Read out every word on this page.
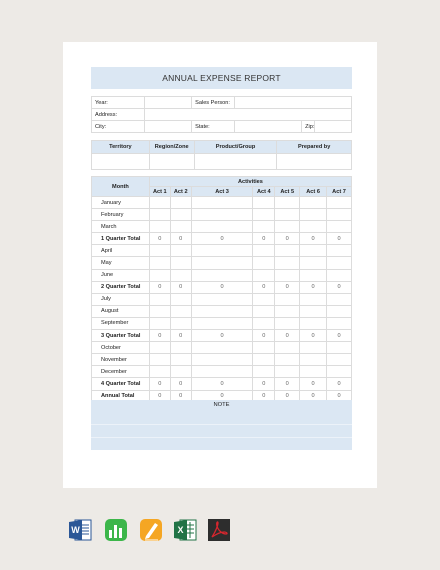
ANNUAL EXPENSE REPORT
Year:		Sales Person:			
Address:					
City:		State:		Zip:	
Territory	Region/Zone	Product/Group	Prepared by

Month	Activities						
	Act 1	Act 2	Act 3	Act 4	Act 5	Act 6	Act 7
January							
February							
March							
1 Quarter Total	0	0	0	0	0	0	0
April							
May							
June							
2 Quarter Total	0	0	0	0	0	0	0
July							
August							
September							
3 Quarter Total	0	0	0	0	0	0	0
October							
November							
December							
4 Quarter Total	0	0	0	0	0	0	0
Annual Total	0	0	0	0	0	0	0
NOTE
W	X
